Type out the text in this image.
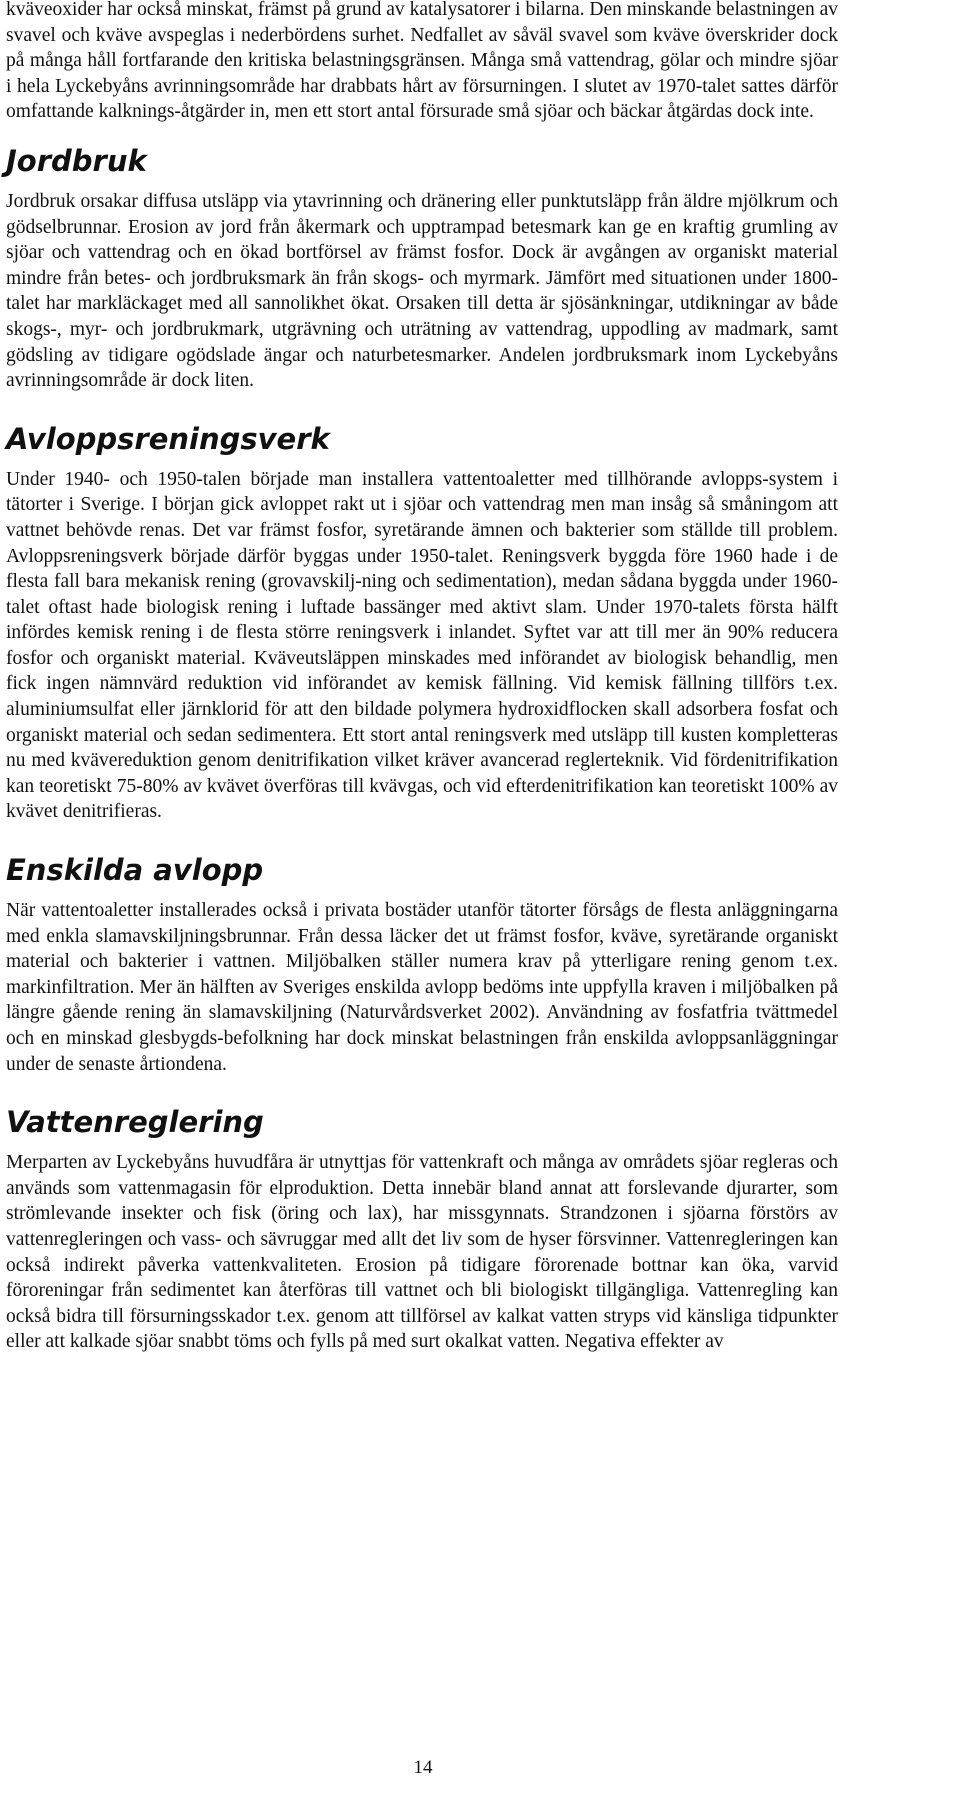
kväveoxider har också minskat, främst på grund av katalysatorer i bilarna. Den minskande belastningen av svavel och kväve avspeglas i nederbördens surhet. Nedfallet av såväl svavel som kväve överskrider dock på många håll fortfarande den kritiska belastningsgränsen. Många små vattendrag, gölar och mindre sjöar i hela Lyckebyåns avrinningsområde har drabbats hårt av försurningen. I slutet av 1970-talet sattes därför omfattande kalknings-åtgärder in, men ett stort antal försurade små sjöar och bäckar åtgärdas dock inte.

Jordbruk

Jordbruk orsakar diffusa utsläpp via ytavrinning och dränering eller punktutsläpp från äldre mjölkrum och gödselbrunnar. Erosion av jord från åkermark och upptrampad betesmark kan ge en kraftig grumling av sjöar och vattendrag och en ökad bortförsel av främst fosfor. Dock är avgången av organiskt material mindre från betes- och jordbruksmark än från skogs- och myrmark. Jämfört med situationen under 1800-talet har markläckaget med all sannolikhet ökat. Orsaken till detta är sjösänkningar, utdikningar av både skogs-, myr- och jordbrukmark, utgrävning och uträtning av vattendrag, uppodling av madmark, samt gödsling av tidigare ogödslade ängar och naturbetesmarker. Andelen jordbruksmark inom Lyckebyåns avrinningsområde är dock liten.

Avloppsreningsverk

Under 1940- och 1950-talen började man installera vattentoaletter med tillhörande avlopps-system i tätorter i Sverige. I början gick avloppet rakt ut i sjöar och vattendrag men man insåg så småningom att vattnet behövde renas. Det var främst fosfor, syretärande ämnen och bakterier som ställde till problem. Avloppsreningsverk började därför byggas under 1950-talet. Reningsverk byggda före 1960 hade i de flesta fall bara mekanisk rening (grovavskilj-ning och sedimentation), medan sådana byggda under 1960-talet oftast hade biologisk rening i luftade bassänger med aktivt slam. Under 1970-talets första hälft infördes kemisk rening i de flesta större reningsverk i inlandet. Syftet var att till mer än 90% reducera fosfor och organiskt material. Kväveutsläppen minskades med införandet av biologisk behandlig, men fick ingen nämnvärd reduktion vid införandet av kemisk fällning. Vid kemisk fällning tillförs t.ex. aluminiumsulfat eller järnklorid för att den bildade polymera hydroxidflocken skall adsorbera fosfat och organiskt material och sedan sedimentera. Ett stort antal reningsverk med utsläpp till kusten kompletteras nu med kvävereduktion genom denitrifikation vilket kräver avancerad reglerteknik. Vid fördenitrifikation kan teoretiskt 75-80% av kvävet överföras till kvävgas, och vid efterdenitrifikation kan teoretiskt 100% av kvävet denitrifieras.

Enskilda avlopp

När vattentoaletter installerades också i privata bostäder utanför tätorter försågs de flesta anläggningarna med enkla slamavskiljningsbrunnar. Från dessa läcker det ut främst fosfor, kväve, syretärande organiskt material och bakterier i vattnen. Miljöbalken ställer numera krav på ytterligare rening genom t.ex. markinfiltration. Mer än hälften av Sveriges enskilda avlopp bedöms inte uppfylla kraven i miljöbalken på längre gående rening än slamavskiljning (Naturvårdsverket 2002). Användning av fosfatfria tvättmedel och en minskad glesbygds-befolkning har dock minskat belastningen från enskilda avloppsanläggningar under de senaste årtiondena.

Vattenreglering

Merparten av Lyckebyåns huvudfåra är utnyttjas för vattenkraft och många av områdets sjöar regleras och används som vattenmagasin för elproduktion. Detta innebär bland annat att forslevande djurarter, som strömlevande insekter och fisk (öring och lax), har missgynnats. Strandzonen i sjöarna förstörs av vattenregleringen och vass- och sävruggar med allt det liv som de hyser försvinner. Vattenregleringen kan också indirekt påverka vattenkvaliteten. Erosion på tidigare förorenade bottnar kan öka, varvid föroreningar från sedimentet kan återföras till vattnet och bli biologiskt tillgängliga. Vattenregling kan också bidra till försurningsskador t.ex. genom att tillförsel av kalkat vatten stryps vid känsliga tidpunkter eller att kalkade sjöar snabbt töms och fylls på med surt okalkat vatten. Negativa effekter av

14
